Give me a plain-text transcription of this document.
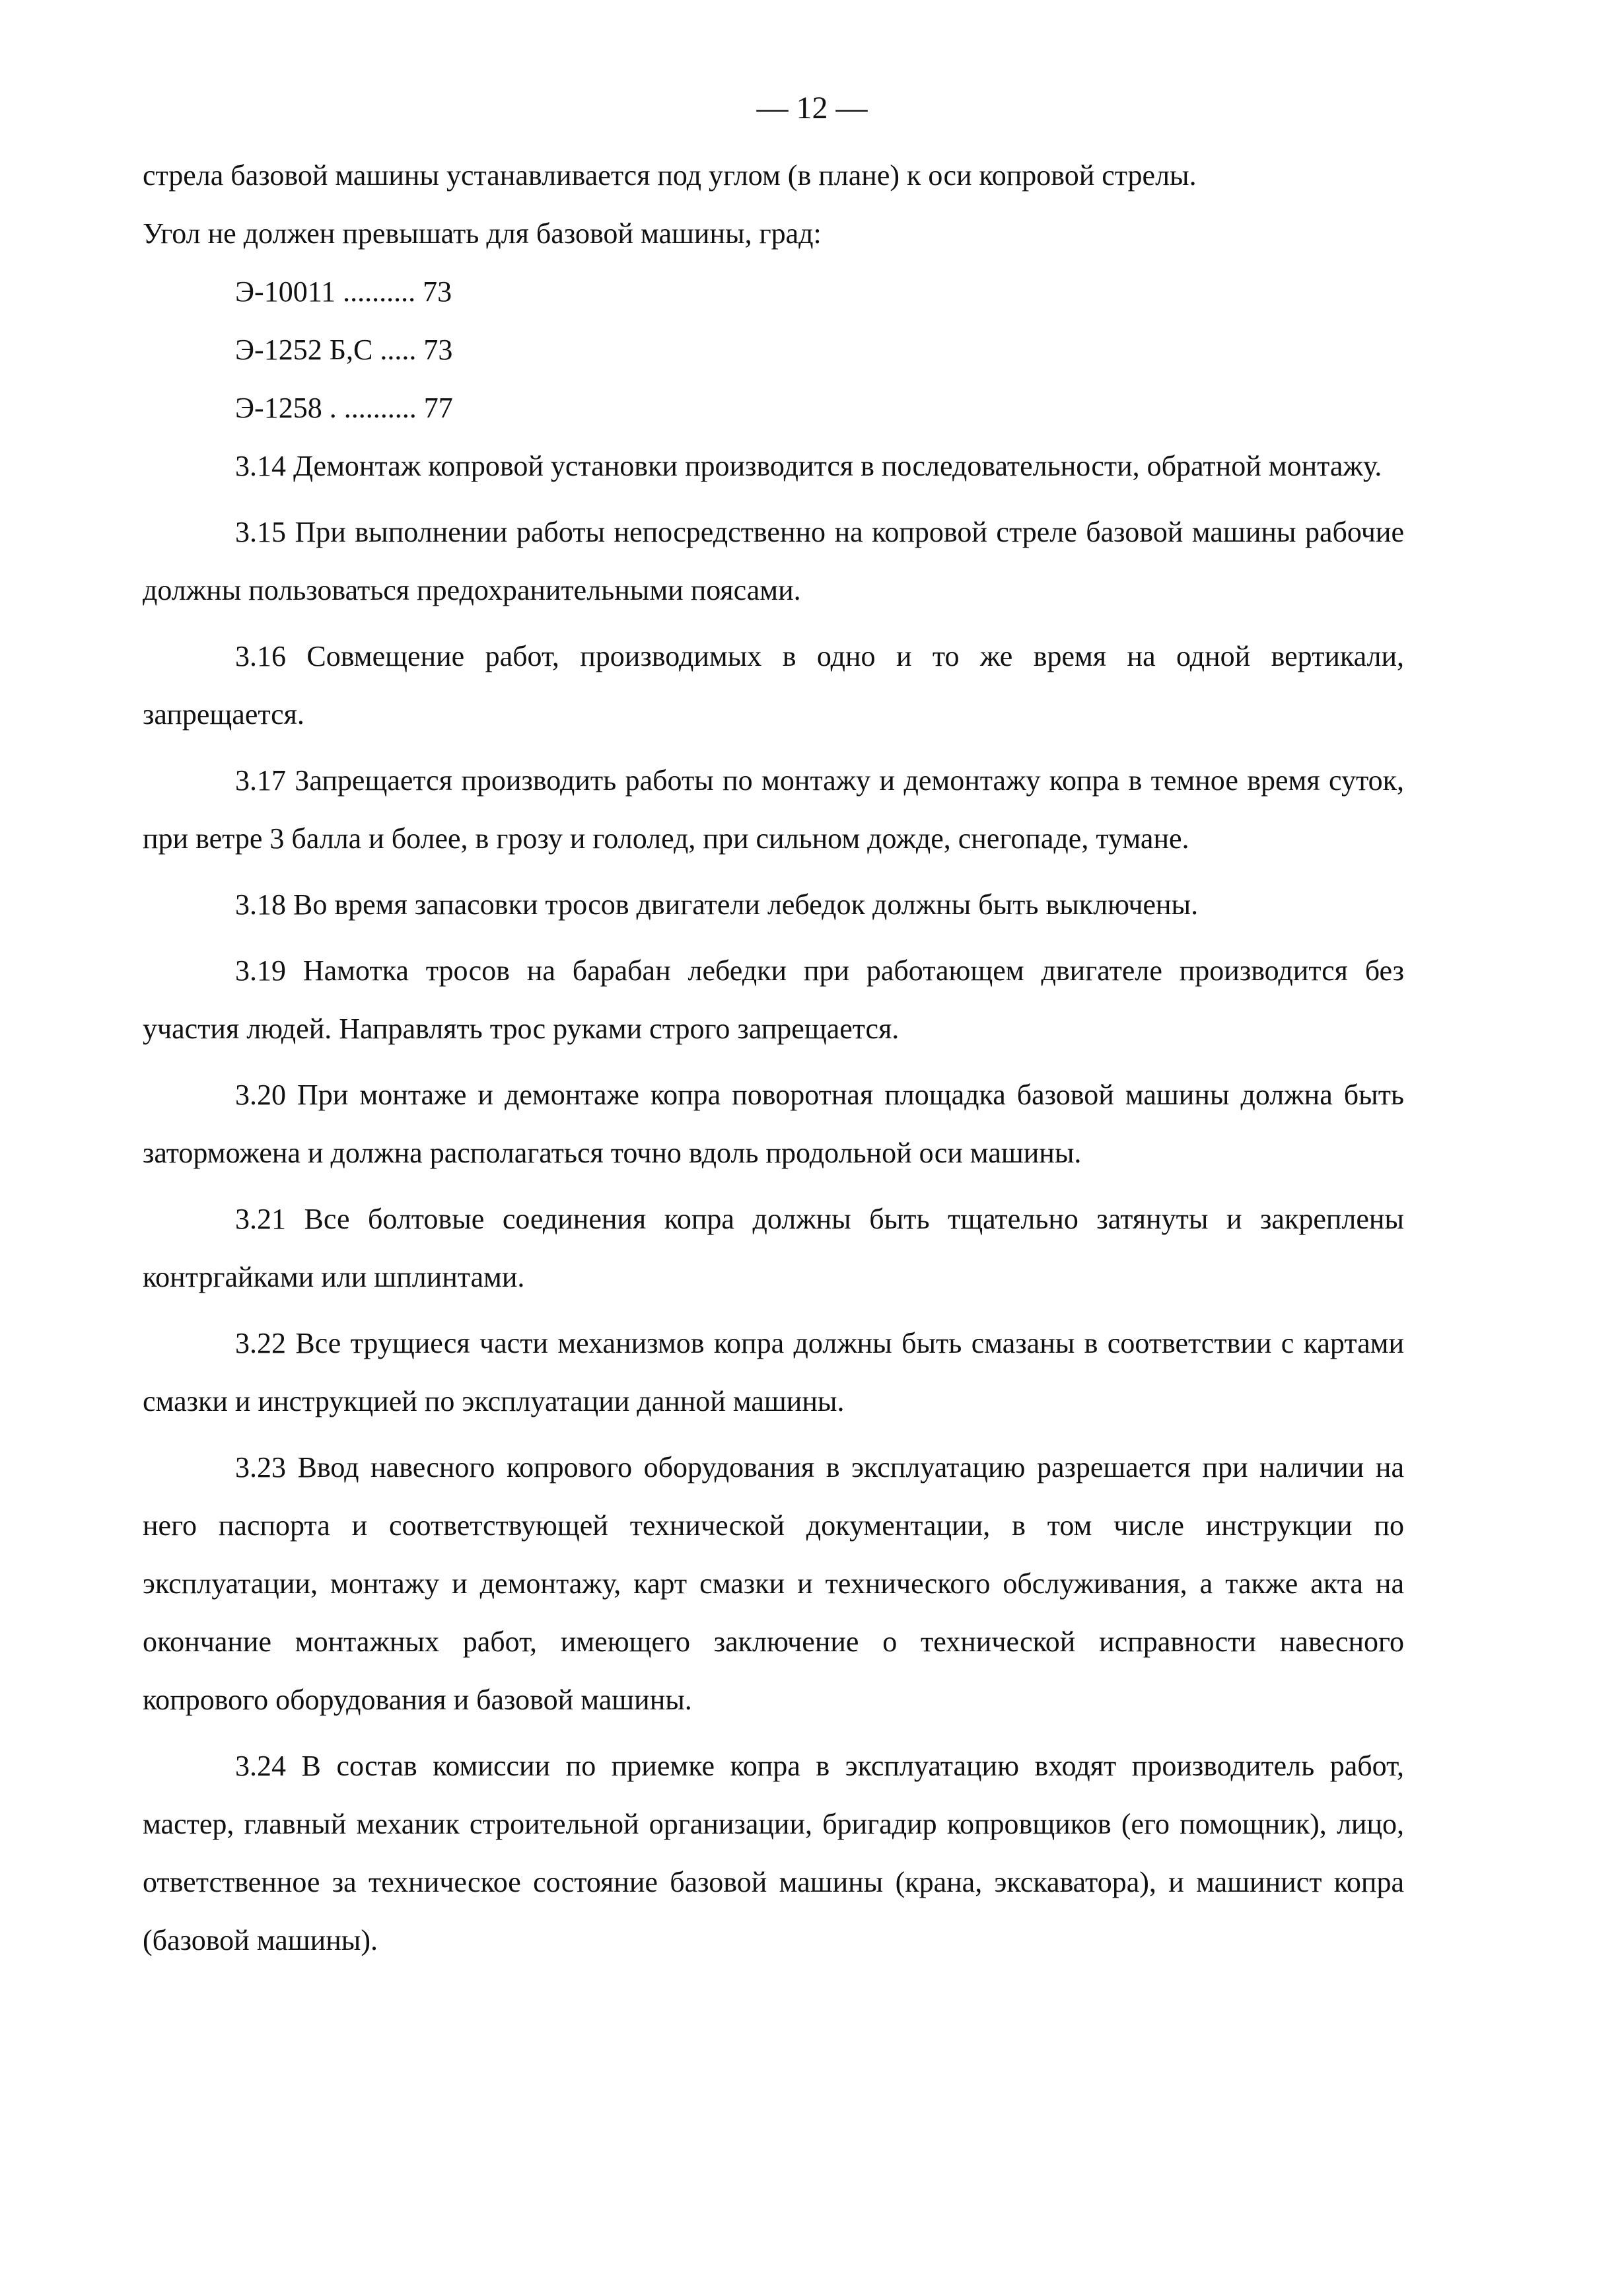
— 12 —

стрела базовой машины устанавливается под углом (в плане) к оси копровой стрелы.

Угол не должен превышать для базовой машины, град:

Э-10011 .......... 73
Э-1252 Б,С ..... 73
Э-1258 . .......... 77

3.14 Демонтаж копровой установки производится в последовательности, обратной монтажу.

3.15 При выполнении работы непосредственно на копровой стреле базовой машины рабочие должны пользоваться предохранительными поясами.

3.16 Совмещение работ, производимых в одно и то же время на одной вертикали, запрещается.

3.17 Запрещается производить работы по монтажу и демонтажу копра в темное время суток, при ветре 3 балла и более, в грозу и гололед, при сильном дожде, снегопаде, тумане.

3.18 Во время запасовки тросов двигатели лебедок должны быть выключены.

3.19 Намотка тросов на барабан лебедки при работающем двигателе производится без участия людей. Направлять трос руками строго запрещается.

3.20 При монтаже и демонтаже копра поворотная площадка базовой машины должна быть заторможена и должна располагаться точно вдоль продольной оси машины.

3.21 Все болтовые соединения копра должны быть тщательно затянуты и закреплены контргайками или шплинтами.

3.22 Все трущиеся части механизмов копра должны быть смазаны в соответствии с картами смазки и инструкцией по эксплуатации данной машины.

3.23 Ввод навесного копрового оборудования в эксплуатацию разрешается при наличии на него паспорта и соответствующей технической документации, в том числе инструкции по эксплуатации, монтажу и демонтажу, карт смазки и технического обслуживания, а также акта на окончание монтажных работ, имеющего заключение о технической исправности навесного копрового оборудования и базовой машины.

3.24 В состав комиссии по приемке копра в эксплуатацию входят производитель работ, мастер, главный механик строительной организации, бригадир копровщиков (его помощник), лицо, ответственное за техническое состояние базовой машины (крана, экскаватора), и машинист копра (базовой машины).
